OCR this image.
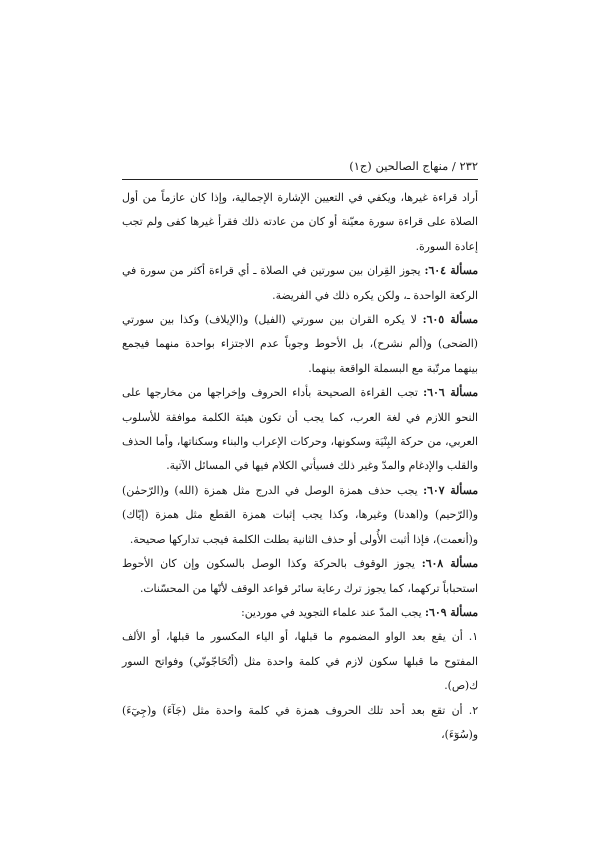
٢٣٢ / منهاج الصالحين (ج١)

أراد قراءة غيرها، ويكفي في التعيين الإشارة الإجمالية، وإذا كان عازماً من أول الصلاة على قراءة سورة معيّنة أو كان من عادته ذلك فقرأ غيرها كفى ولم تجب إعادة السورة.

مسألة ٦٠٤: يجوز القِران بين سورتين في الصلاة ـ أي قراءة أكثر من سورة في الركعة الواحدة ـ، ولكن يكره ذلك في الفريضة.

مسألة ٦٠٥: لا يكره القران بين سورتي (الفيل) و(الإيلاف) وكذا بين سورتي (الضحى) و(ألم نشرح)، بل الأحوط وجوباً عدم الاجتزاء بواحدة منهما فيجمع بينهما مرتّبة مع البسملة الواقعة بينهما.

مسألة ٦٠٦: تجب القراءة الصحيحة بأداء الحروف وإخراجها من مخارجها على النحو اللازم في لغة العرب، كما يجب أن تكون هيئة الكلمة موافقة للأسلوب العربي، من حركة البِنْيَة وسكونها، وحركات الإعراب والبناء وسكناتها، وأما الحذف والقلب والإدغام والمدّ وغير ذلك فسيأتي الكلام فيها في المسائل الآتية.

مسألة ٦٠٧: يجب حذف همزة الوصل في الدرج مثل همزة (الله) و(الرّحمٰن) و(الرّحيم) و(اهدنا) وغيرها، وكذا يجب إثبات همزة القطع مثل همزة (إيّاك) و(أنعمت)، فإذا أثبت الأُولى أو حذف الثانية بطلت الكلمة فيجب تداركها صحيحة.

مسألة ٦٠٨: يجوز الوقوف بالحركة وكذا الوصل بالسكون وإن كان الأحوط استحباباً تركهما، كما يجوز ترك رعاية سائر قواعد الوقف لأنّها من المحسّنات.

مسألة ٦٠٩: يجب المدّ عند علماء التجويد في موردين:

١. أن يقع بعد الواو المضموم ما قبلها، أو الياء المكسور ما قبلها، أو الألف المفتوح ما قبلها سكون لازم في كلمة واحدة مثل (أتُحَاجّونّي) وفواتح السور ك(ص).

٢. أن تقع بعد أحد تلك الحروف همزة في كلمة واحدة مثل (جَآءَ) و(جِيٓءَ) و(سُوٓءَ)،
